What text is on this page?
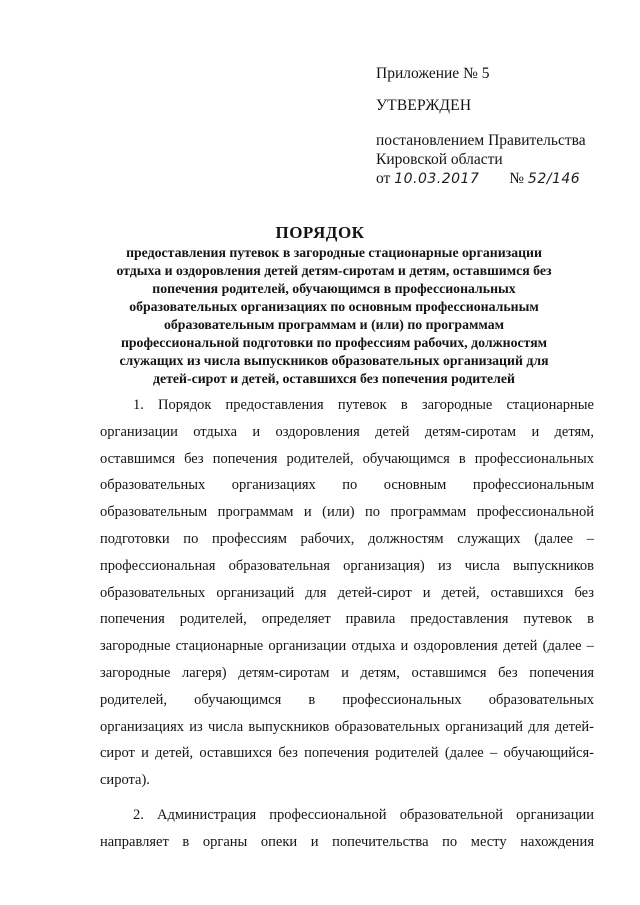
Приложение № 5
УТВЕРЖДЕН
постановлением Правительства
Кировской области
от 10.03.2017 № 52/146
ПОРЯДОК
предоставления путевок в загородные стационарные организации
отдыха и оздоровления детей детям-сиротам и детям, оставшимся без
попечения родителей, обучающимся в профессиональных
образовательных организациях по основным профессиональным
образовательным программам и (или) по программам
профессиональной подготовки по профессиям рабочих, должностям
служащих из числа выпускников образовательных организаций для
детей-сирот и детей, оставшихся без попечения родителей
1. Порядок предоставления путевок в загородные стационарные
организации отдыха и оздоровления детей детям-сиротам и детям,
оставшимся без попечения родителей, обучающимся в профессиональных
образовательных организациях по основным профессиональным
образовательным программам и (или) по программам профессиональной
подготовки по профессиям рабочих, должностям служащих (далее –
профессиональная образовательная организация) из числа выпускников
образовательных организаций для детей-сирот и детей, оставшихся без
попечения родителей, определяет правила предоставления путевок в
загородные стационарные организации отдыха и оздоровления детей (далее –
загородные лагеря) детям-сиротам и детям, оставшимся без попечения
родителей, обучающимся в профессиональных образовательных
организациях из числа выпускников образовательных организаций для детей-
сирот и детей, оставшихся без попечения родителей (далее – обучающийся-
сирота).
2. Администрация профессиональной образовательной организации
направляет в органы опеки и попечительства по месту нахождения
